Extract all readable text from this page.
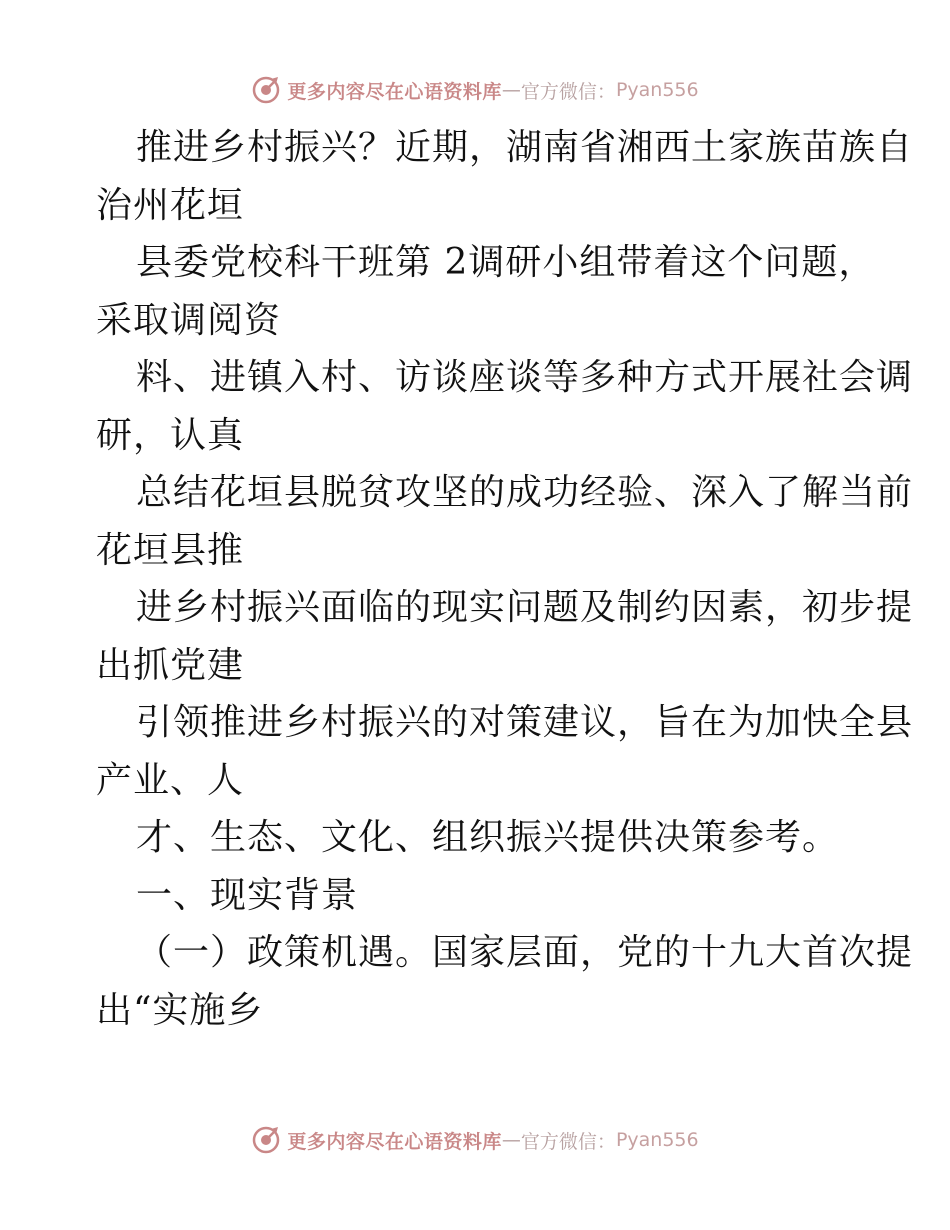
更多内容尽在心语资料库 — 官方微信： Pyan556
推进乡村振兴？近期，湖南省湘西土家族苗族自
治州花垣
县委党校科干班第 2调研小组带着这个问题，
采取调阅资
料、进镇入村、访谈座谈等多种方式开展社会调
研，认真
总结花垣县脱贫攻坚的成功经验、深入了解当前
花垣县推
进乡村振兴面临的现实问题及制约因素，初步提
出抓党建
引领推进乡村振兴的对策建议，旨在为加快全县
产业、人
才、生态、文化、组织振兴提供决策参考。
一、现实背景
（一）政策机遇。国家层面，党的十九大首次提
出“实施乡
更多内容尽在心语资料库 — 官方微信： Pyan556
